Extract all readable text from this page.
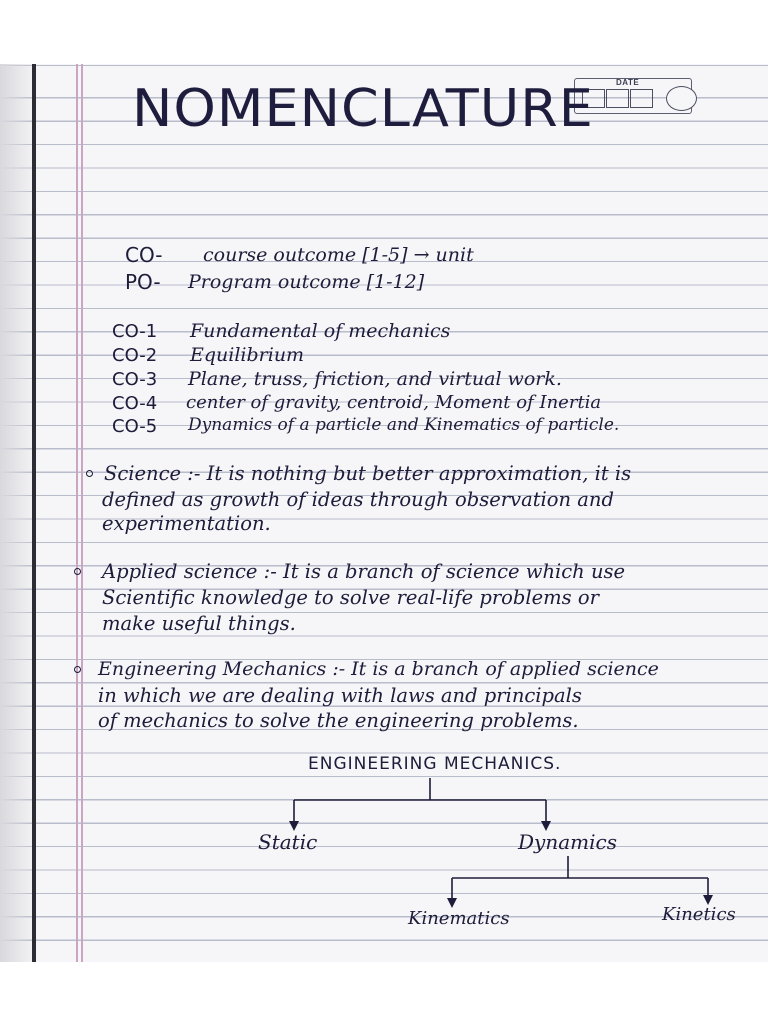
DATE
NOMENCLATURE
CO- course outcome [1-5] → unit
PO- Program outcome [1-12]
CO-1 Fundamental of mechanics
CO-2 Equilibrium
CO-3 Plane, truss, friction, and virtual work.
CO-4 center of gravity, centroid, Moment of Inertia
CO-5 Dynamics of a particle and Kinematics of particle.
Science :- It is nothing but better approximation, it is
defined as growth of ideas through observation and
experimentation.
Applied science :- It is a branch of science which use
Scientific knowledge to solve real-life problems or
make useful things.
Engineering Mechanics :- It is a branch of applied science
in which we are dealing with laws and principals
of mechanics to solve the engineering problems.
ENGINEERING MECHANICS.
Static	Dynamics
Kinematics	Kinetics
